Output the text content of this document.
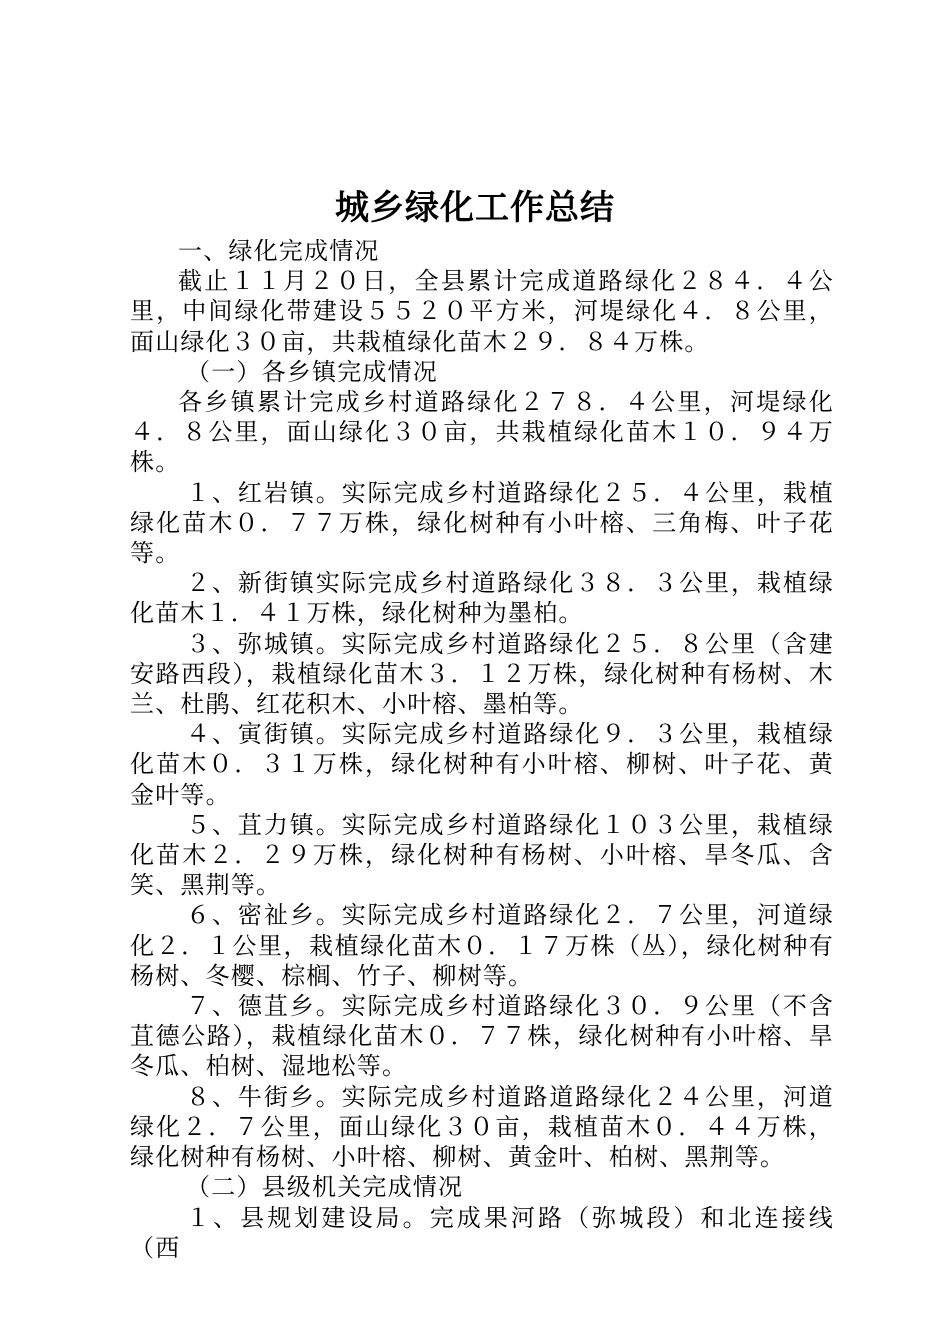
城乡绿化工作总结

一、绿化完成情况

截止１１月２０日，全县累计完成道路绿化２８４．４公里，中间绿化带建设５５２０平方米，河堤绿化４．８公里，面山绿化３０亩，共栽植绿化苗木２９．８４万株。

（一）各乡镇完成情况

各乡镇累计完成乡村道路绿化２７８．４公里，河堤绿化４．８公里，面山绿化３０亩，共栽植绿化苗木１０．９４万株。

１、红岩镇。实际完成乡村道路绿化２５．４公里，栽植绿化苗木０．７７万株，绿化树种有小叶榕、三角梅、叶子花等。

２、新街镇实际完成乡村道路绿化３８．３公里，栽植绿化苗木１．４１万株，绿化树种为墨柏。

３、弥城镇。实际完成乡村道路绿化２５．８公里（含建安路西段），栽植绿化苗木３．１２万株，绿化树种有杨树、木兰、杜鹃、红花积木、小叶榕、墨柏等。

４、寅街镇。实际完成乡村道路绿化９．３公里，栽植绿化苗木０．３１万株，绿化树种有小叶榕、柳树、叶子花、黄金叶等。

５、苴力镇。实际完成乡村道路绿化１０３公里，栽植绿化苗木２．２９万株，绿化树种有杨树、小叶榕、旱冬瓜、含笑、黑荆等。

６、密祉乡。实际完成乡村道路绿化２．７公里，河道绿化２．１公里，栽植绿化苗木０．１７万株（丛），绿化树种有杨树、冬樱、棕榈、竹子、柳树等。

７、德苴乡。实际完成乡村道路绿化３０．９公里（不含苴德公路），栽植绿化苗木０．７７株，绿化树种有小叶榕、旱冬瓜、柏树、湿地松等。

８、牛街乡。实际完成乡村道路道路绿化２４公里，河道绿化２．７公里，面山绿化３０亩，栽植苗木０．４４万株，绿化树种有杨树、小叶榕、柳树、黄金叶、柏树、黑荆等。

（二）县级机关完成情况

１、县规划建设局。完成果河路（弥城段）和北连接线（西
